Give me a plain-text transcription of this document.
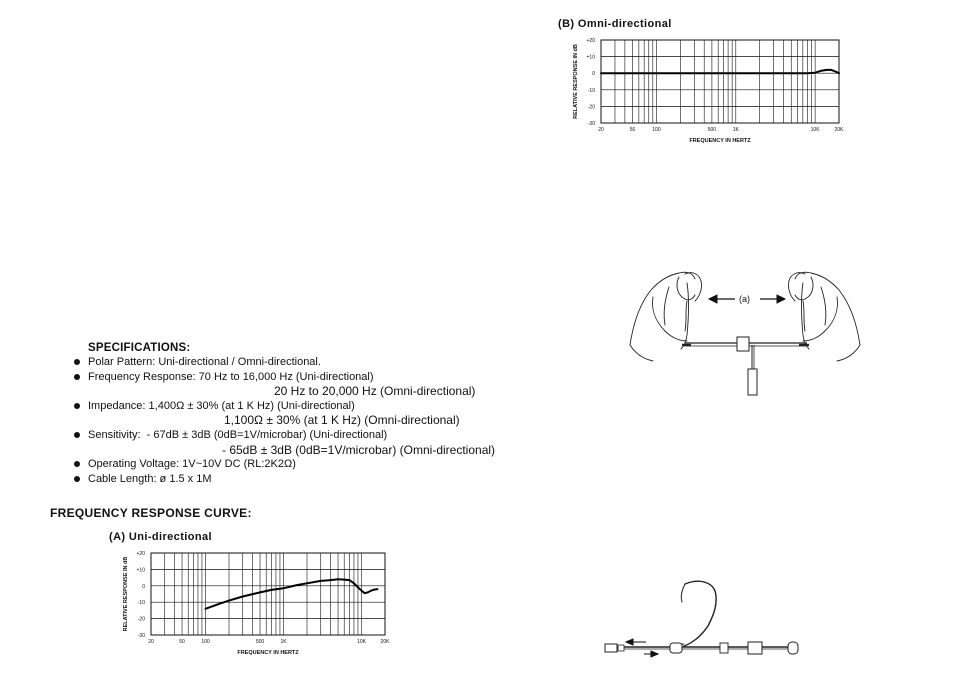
SPECIFICATIONS:
Polar Pattern: Uni-directional / Omni-directional.
Frequency Response: 70 Hz to 16,000 Hz (Uni-directional)
20 Hz to 20,000 Hz (Omni-directional)
Impedance: 1,400Ω ± 30% (at 1 K Hz) (Uni-directional)
1,100Ω ± 30% (at 1 K Hz) (Omni-directional)
Sensitivity:  - 67dB ± 3dB (0dB=1V/microbar) (Uni-directional)
- 65dB ± 3dB (0dB=1V/microbar) (Omni-directional)
Operating Voltage: 1V~10V DC (RL:2K2Ω)
Cable Length: ø 1.5 x 1M
FREQUENCY RESPONSE CURVE:
(A) Uni-directional
(B) Omni-directional
20	50	100	500	1K	10K	20K
+20
+10
0
-10
-20
-30
FREQUENCY IN HERTZ
RELATIVE RESPONSE IN dB
20	50	100	500	1K	10K	20K
+20
+10
0
-10
-20
-30
FREQUENCY IN HERTZ
RELATIVE RESPONSE IN dB
(a)
